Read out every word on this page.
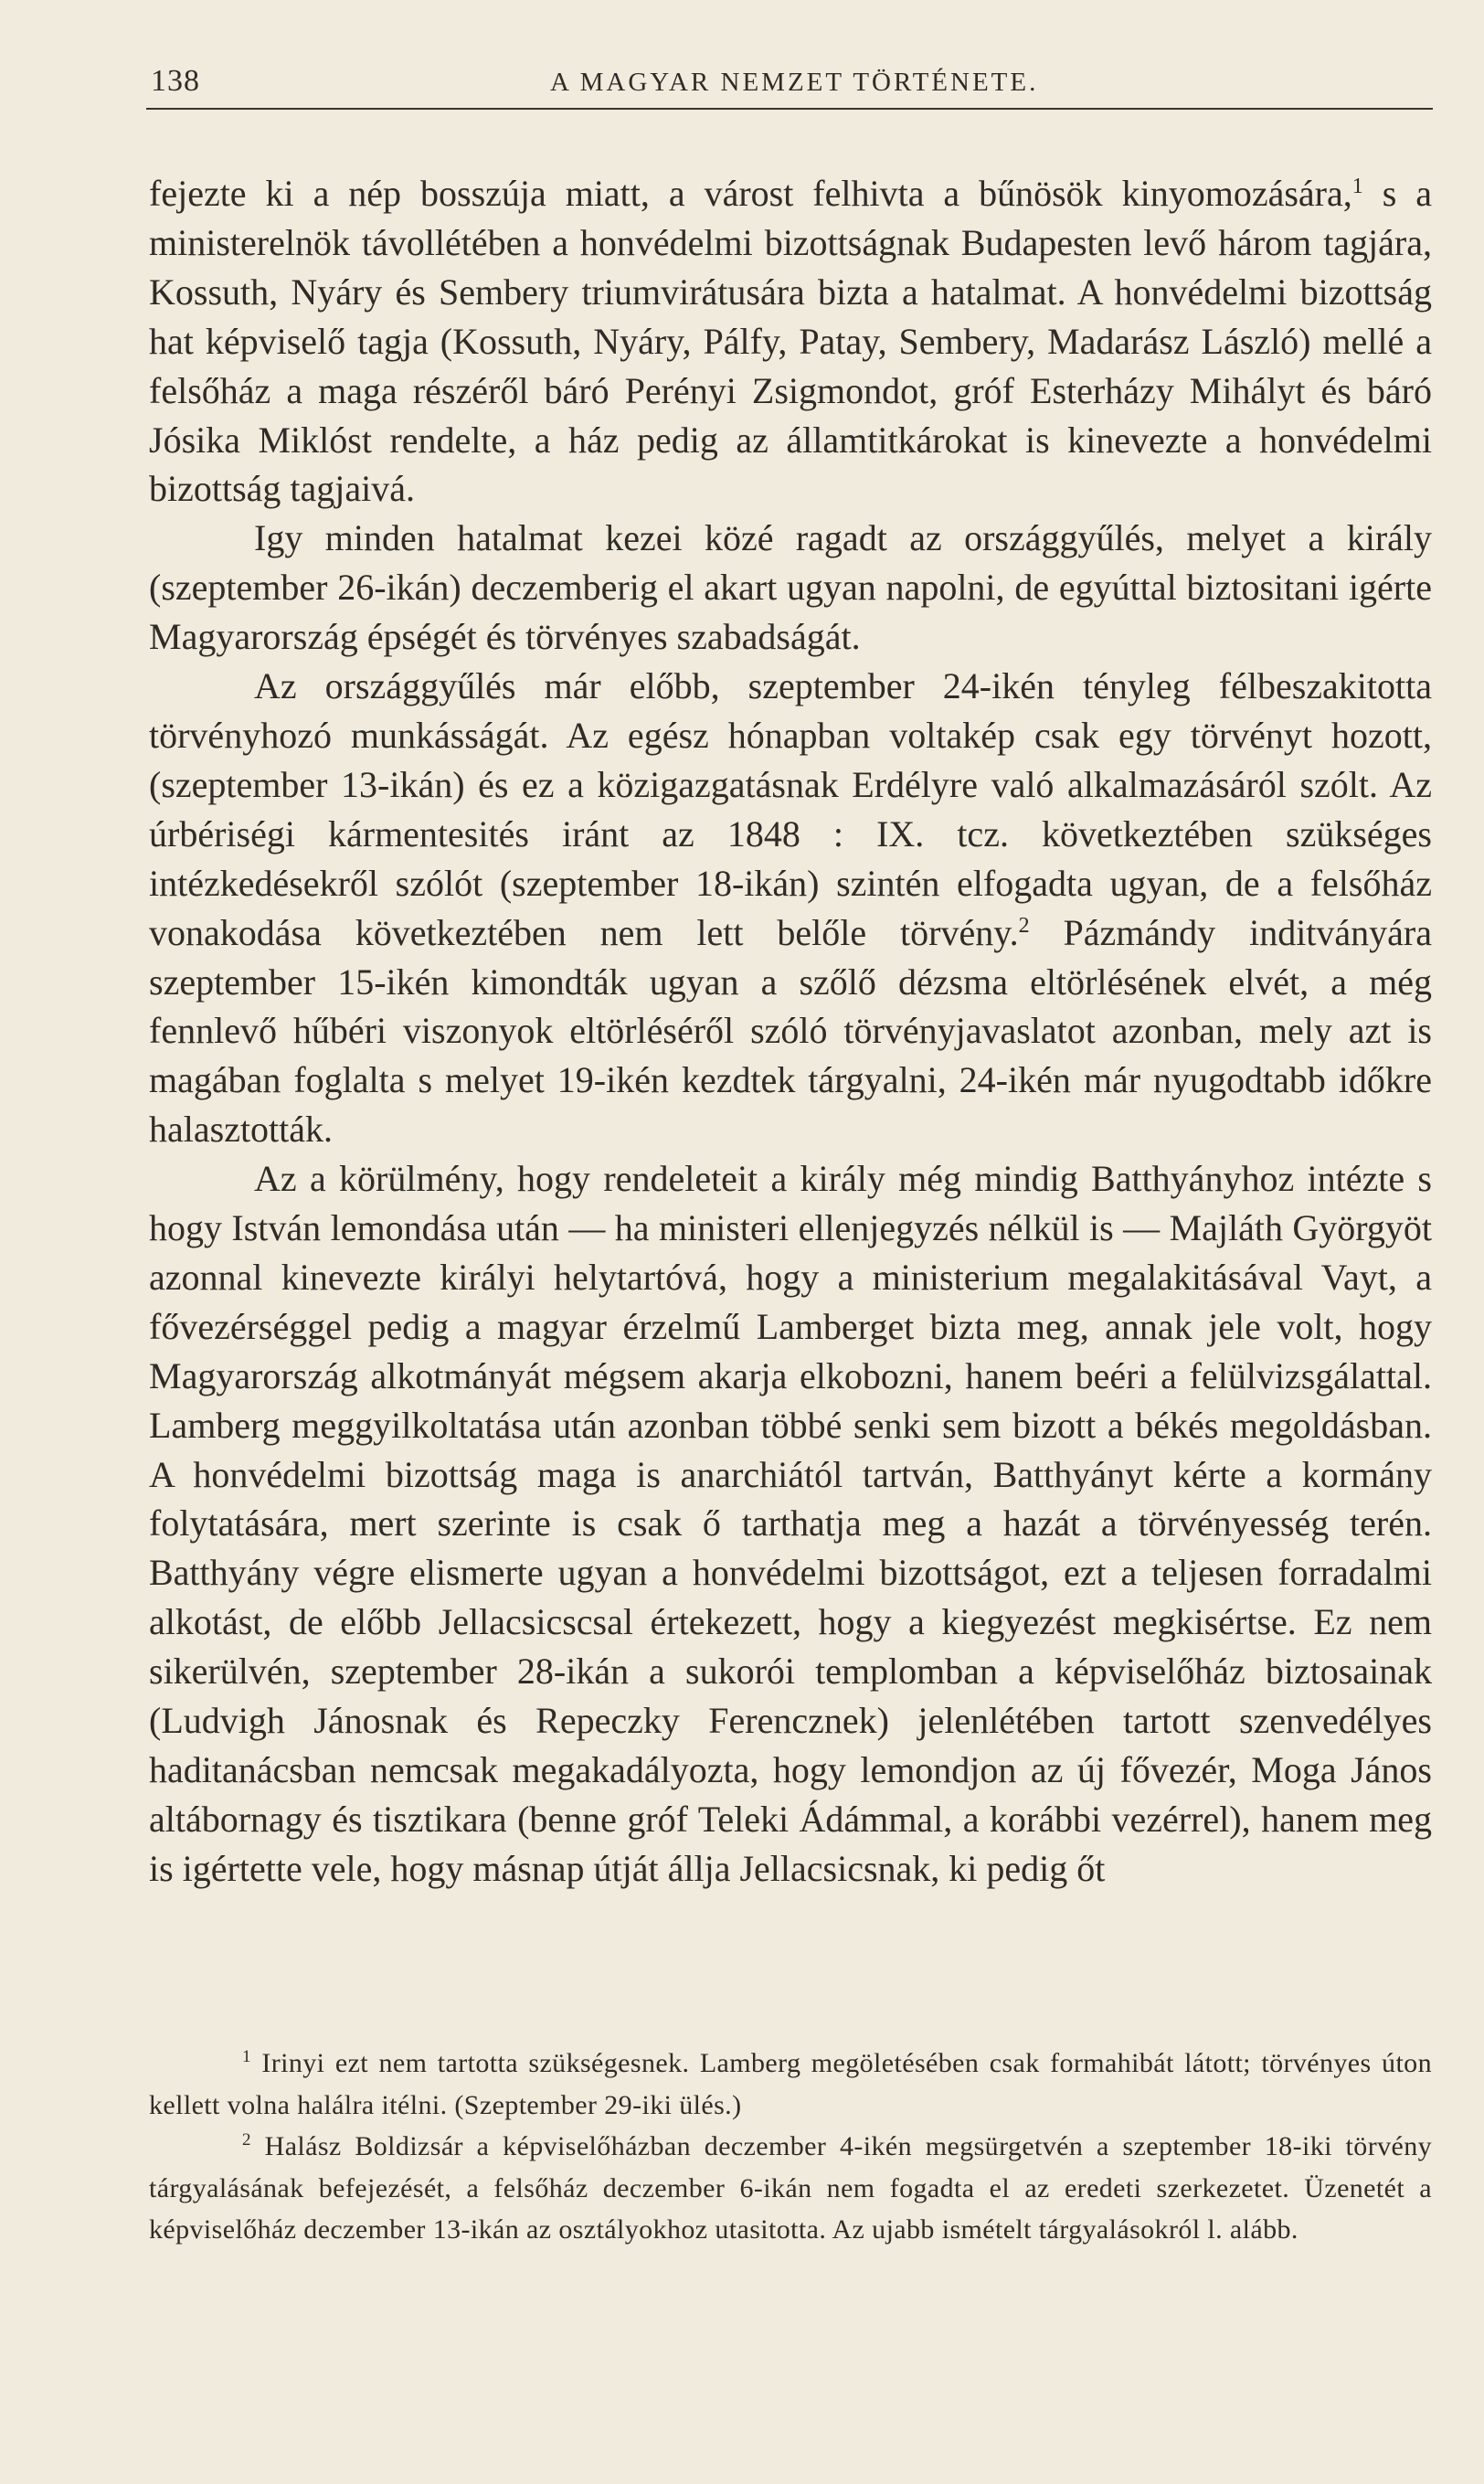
138	A MAGYAR NEMZET TÖRTÉNETE.

fejezte ki a nép bosszúja miatt, a várost felhivta a bűnösök kinyomozására,$^1$ s a ministerelnök távollétében a honvédelmi bizottságnak Budapesten levő három tagjára, Kossuth, Nyáry és Sembery triumvirátusára bizta a hatalmat. A honvédelmi bizottság hat képviselő tagja (Kossuth, Nyáry, Pálfy, Patay, Sembery, Madarász László) mellé a felsőház a maga részéről báró Perényi Zsigmondot, gróf Esterházy Mihályt és báró Jósika Miklóst rendelte, a ház pedig az államtitkárokat is kinevezte a honvédelmi bizottság tagjaivá.

Igy minden hatalmat kezei közé ragadt az országgyűlés, melyet a király (szeptember 26-ikán) deczemberig el akart ugyan napolni, de egyúttal biztositani igérte Magyarország épségét és törvényes szabadságát.

Az országgyűlés már előbb, szeptember 24-ikén tényleg félbeszakitotta törvényhozó munkásságát. Az egész hónapban voltakép csak egy törvényt hozott, (szeptember 13-ikán) és ez a közigazgatásnak Erdélyre való alkalmazásáról szólt. Az úrbériségi kármentesités iránt az 1848 : IX. tcz. következtében szükséges intézkedésekről szólót (szeptember 18-ikán) szintén elfogadta ugyan, de a felsőház vonakodása következtében nem lett belőle törvény.$^2$ Pázmándy inditványára szeptember 15-ikén kimondták ugyan a szőlő dézsma eltörlésének elvét, a még fennlevő hűbéri viszonyok eltörléséről szóló törvényjavaslatot azonban, mely azt is magában foglalta s melyet 19-ikén kezdtek tárgyalni, 24-ikén már nyugodtabb időkre halasztották.

Az a körülmény, hogy rendeleteit a király még mindig Batthyányhoz intézte s hogy István lemondása után — ha ministeri ellenjegyzés nélkül is — Majláth Györgyöt azonnal kinevezte királyi helytartóvá, hogy a ministerium megalakitásával Vayt, a fővezérséggel pedig a magyar érzelmű Lamberget bizta meg, annak jele volt, hogy Magyarország alkotmányát mégsem akarja elkobozni, hanem beéri a felülvizsgálattal. Lamberg meggyilkoltatása után azonban többé senki sem bizott a békés megoldásban. A honvédelmi bizottság maga is anarchiától tartván, Batthyányt kérte a kormány folytatására, mert szerinte is csak ő tarthatja meg a hazát a törvényesség terén. Batthyány végre elismerte ugyan a honvédelmi bizottságot, ezt a teljesen forradalmi alkotást, de előbb Jellacsicscsal értekezett, hogy a kiegyezést megkisértse. Ez nem sikerülvén, szeptember 28-ikán a sukorói templomban a képviselőház biztosainak (Ludvigh Jánosnak és Repeczky Ferencznek) jelenlétében tartott szenvedélyes haditanácsban nemcsak megakadályozta, hogy lemondjon az új fővezér, Moga János altábornagy és tisztikara (benne gróf Teleki Ádámmal, a korábbi vezérrel), hanem meg is igértette vele, hogy másnap útját állja Jellacsicsnak, ki pedig őt

$^1$ Irinyi ezt nem tartotta szükségesnek. Lamberg megöletésében csak formahibát látott; törvényes úton kellett volna halálra itélni. (Szeptember 29-iki ülés.)

$^2$ Halász Boldizsár a képviselőházban deczember 4-ikén megsürgetvén a szeptember 18-iki törvény tárgyalásának befejezését, a felsőház deczember 6-ikán nem fogadta el az eredeti szerkezetet. Üzenetét a képviselőház deczember 13-ikán az osztályokhoz utasitotta. Az ujabb ismételt tárgyalásokról l. alább.
